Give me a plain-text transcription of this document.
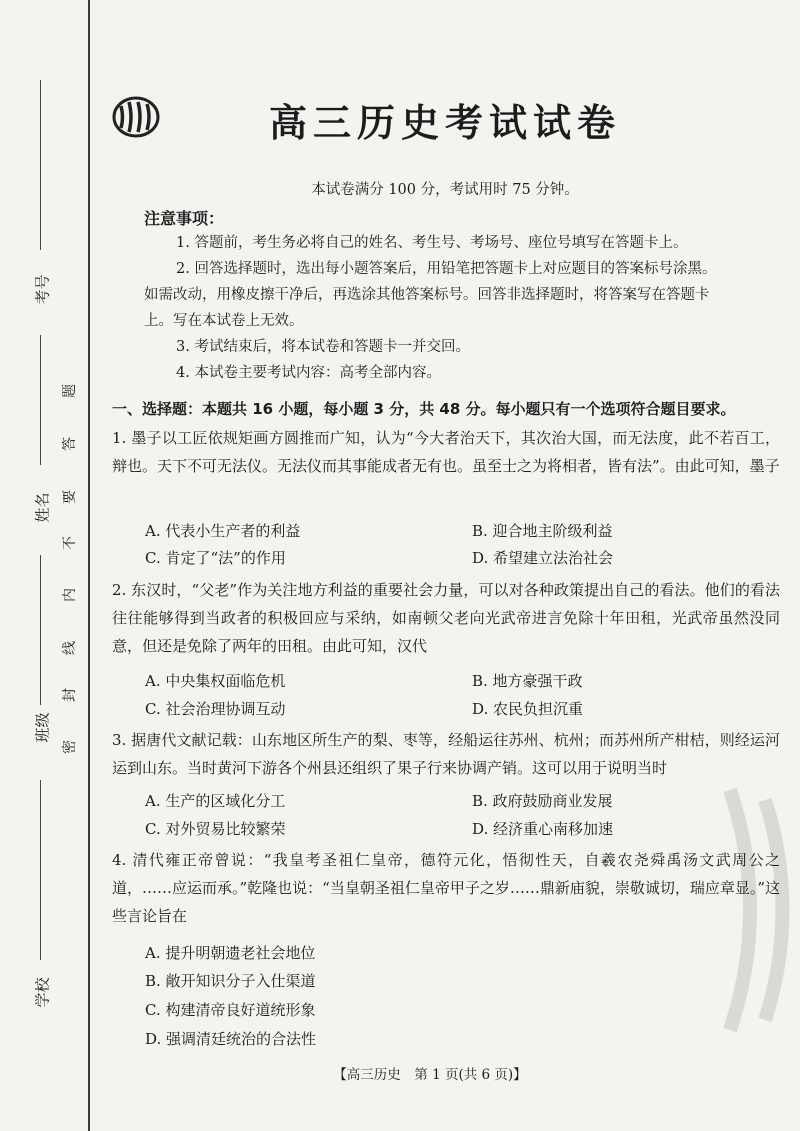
考号
姓名
班级
学校
密
封
线
内
不
要
答
题
高三历史考试试卷
本试卷满分 100 分，考试用时 75 分钟。
注意事项：
1. 答题前，考生务必将自己的姓名、考生号、考场号、座位号填写在答题卡上。
2. 回答选择题时，选出每小题答案后，用铅笔把答题卡上对应题目的答案标号涂黑。如需改动，用橡皮擦干净后，再选涂其他答案标号。回答非选择题时，将答案写在答题卡上。写在本试卷上无效。
3. 考试结束后，将本试卷和答题卡一并交回。
4. 本试卷主要考试内容：高考全部内容。
一、选择题：本题共 16 小题，每小题 3 分，共 48 分。每小题只有一个选项符合题目要求。
1. 墨子以工匠依规矩画方圆推而广知，认为“今大者治天下，其次治大国，而无法度，此不若百工，辩也。天下不可无法仪。无法仪而其事能成者无有也。虽至士之为将相者，皆有法”。由此可知，墨子
A. 代表小生产者的利益	B. 迎合地主阶级利益
C. 肯定了“法”的作用	D. 希望建立法治社会
2. 东汉时，“父老”作为关注地方利益的重要社会力量，可以对各种政策提出自己的看法。他们的看法往往能够得到当政者的积极回应与采纳，如南顿父老向光武帝进言免除十年田租，光武帝虽然没同意，但还是免除了两年的田租。由此可知，汉代
A. 中央集权面临危机	B. 地方豪强干政
C. 社会治理协调互动	D. 农民负担沉重
3. 据唐代文献记载：山东地区所生产的梨、枣等，经船运往苏州、杭州；而苏州所产柑桔，则经运河运到山东。当时黄河下游各个州县还组织了果子行来协调产销。这可以用于说明当时
A. 生产的区域化分工	B. 政府鼓励商业发展
C. 对外贸易比较繁荣	D. 经济重心南移加速
4. 清代雍正帝曾说：“我皇考圣祖仁皇帝，德符元化，悟彻性天，自羲农尧舜禹汤文武周公之道，……应运而承。”乾隆也说：“当皇朝圣祖仁皇帝甲子之岁……鼎新庙貌，崇敬诚切，瑞应章显。”这些言论旨在
A. 提升明朝遗老社会地位
B. 敞开知识分子入仕渠道
C. 构建清帝良好道统形象
D. 强调清廷统治的合法性
【高三历史　第 1 页(共 6 页)】
